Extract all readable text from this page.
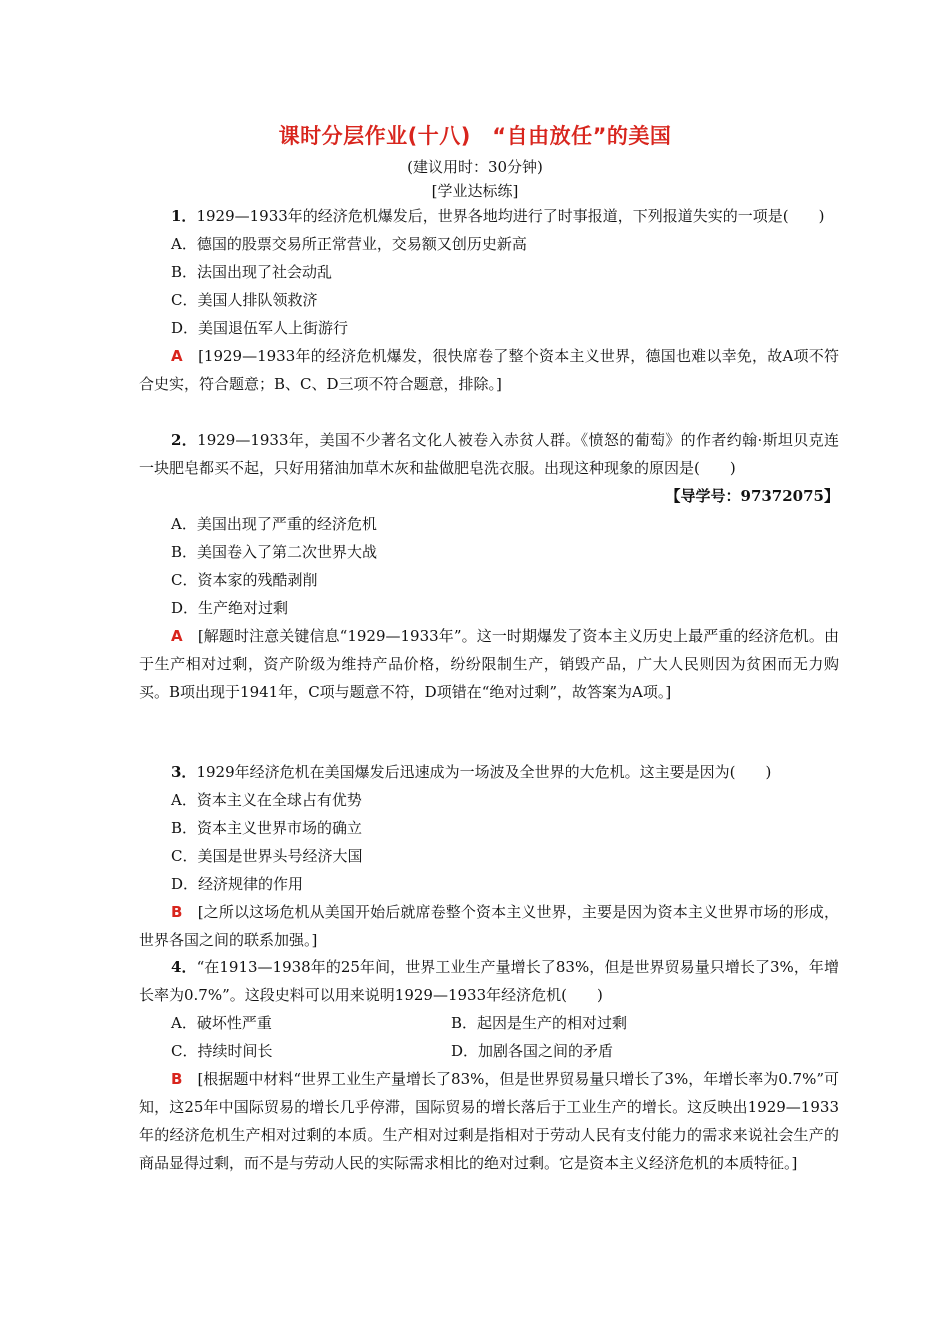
课时分层作业(十八)　“自由放任”的美国
(建议用时：30分钟)
[学业达标练]

1．1929—1933年的经济危机爆发后，世界各地均进行了时事报道，下列报道失实的一项是(　　)

A．德国的股票交易所正常营业，交易额又创历史新高

B．法国出现了社会动乱

C．美国人排队领救济

D．美国退伍军人上街游行

A　 [1929—1933年的经济危机爆发，很快席卷了整个资本主义世界，德国也难以幸免，故A项不符合史实，符合题意；B、C、D三项不符合题意，排除。]

2．1929—1933年，美国不少著名文化人被卷入赤贫人群。《愤怒的葡萄》的作者约翰·斯坦贝克连一块肥皂都买不起，只好用猪油加草木灰和盐做肥皂洗衣服。出现这种现象的原因是(　　)

【导学号：97372075】

A．美国出现了严重的经济危机

B．美国卷入了第二次世界大战

C．资本家的残酷剥削

D．生产绝对过剩

A　 [解题时注意关键信息“1929—1933年”。这一时期爆发了资本主义历史上最严重的经济危机。由于生产相对过剩，资产阶级为维持产品价格，纷纷限制生产，销毁产品，广大人民则因为贫困而无力购买。B项出现于1941年，C项与题意不符，D项错在“绝对过剩”，故答案为A项。]

3．1929年经济危机在美国爆发后迅速成为一场波及全世界的大危机。这主要是因为(　　)

A．资本主义在全球占有优势

B．资本主义世界市场的确立

C．美国是世界头号经济大国

D．经济规律的作用

B　 [之所以这场危机从美国开始后就席卷整个资本主义世界，主要是因为资本主义世界市场的形成，世界各国之间的联系加强。]

4．“在1913—1938年的25年间，世界工业生产量增长了83%，但是世界贸易量只增长了3%，年增长率为0.7%”。这段史料可以用来说明1929—1933年经济危机(　　)

A．破坏性严重	B．起因是生产的相对过剩

C．持续时间长	D．加剧各国之间的矛盾

B　 [根据题中材料“世界工业生产量增长了83%，但是世界贸易量只增长了3%，年增长率为0.7%”可知，这25年中国际贸易的增长几乎停滞，国际贸易的增长落后于工业生产的增长。这反映出1929—1933年的经济危机生产相对过剩的本质。生产相对过剩是指相对于劳动人民有支付能力的需求来说社会生产的商品显得过剩，而不是与劳动人民的实际需求相比的绝对过剩。它是资本主义经济危机的本质特征。]
